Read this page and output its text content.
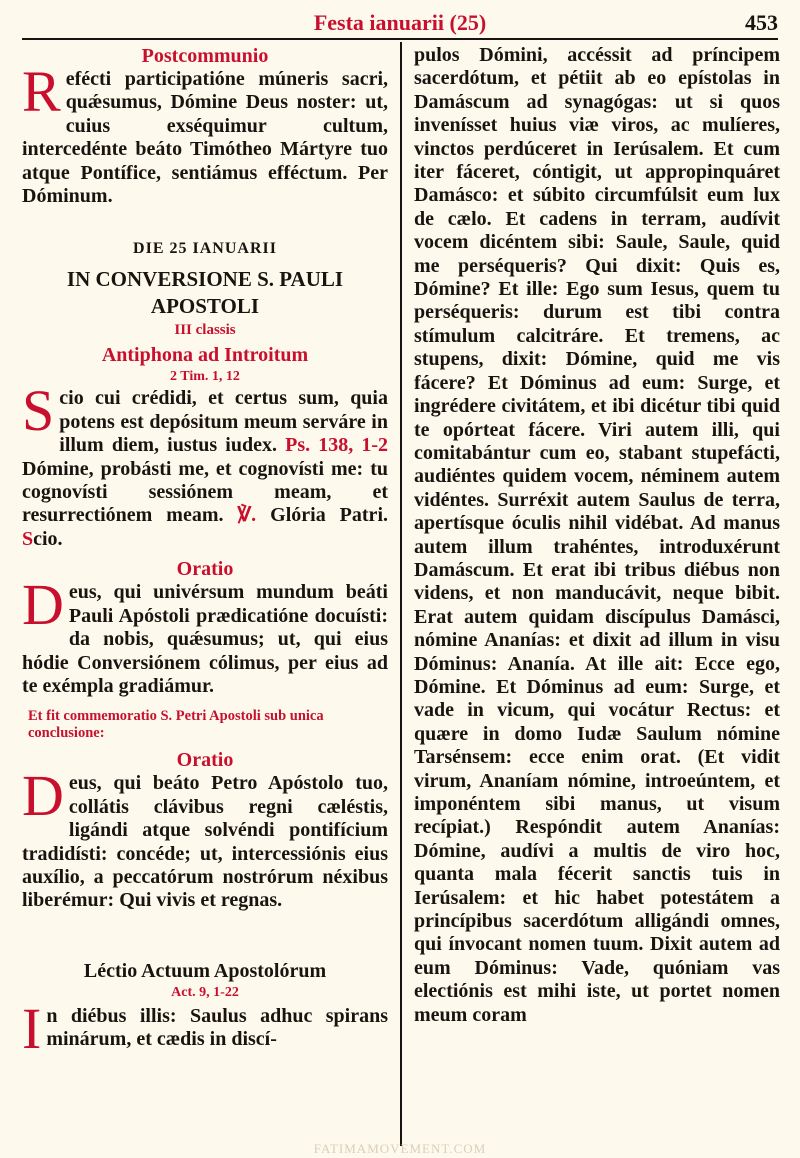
Festa ianuarii (25)	453
Postcommunio

Refécti participatióne múneris sacri, quǽsumus, Dómine Deus noster: ut, cuius exséquimur cultum, intercedénte beáto Timótheo Mártyre tuo atque Pontífice, sentiámus efféctum. Per Dóminum.

DIE 25 IANUARII

IN CONVERSIONE S. PAULI

APOSTOLI

III classis

Antiphona ad Introitum

2 Tim. 1, 12

Scio cui crédidi, et certus sum, quia potens est depósitum meum serváre in illum diem, iustus iudex. Ps. 138, 1-2 Dómine, probásti me, et cognovísti me: tu cognovísti sessiónem meam, et resurrectiónem meam. ℣. Glória Patri. Scio.

Oratio

Deus, qui univérsum mundum beáti Pauli Apóstoli prædicatióne docuísti: da nobis, quǽsumus; ut, qui eius hódie Conversiónem cólimus, per eius ad te exémpla gradiámur.

Et fit commemoratio S. Petri Apostoli sub unica conclusione:

Oratio

Deus, qui beáto Petro Apóstolo tuo, collátis clávibus regni cæléstis, ligándi atque solvéndi pontifícium tradidísti: concéde; ut, intercessiónis eius auxílio, a peccatórum nostrórum néxibus liberémur: Qui vivis et regnas.

Léctio Actuum Apostolórum

Act. 9, 1-22

In diébus illis: Saulus adhuc spirans minárum, et cædis in discí-

pulos Dómini, accéssit ad príncipem sacerdótum, et pétiit ab eo epístolas in Damáscum ad synagógas: ut si quos invenísset huius viæ viros, ac mulíeres, vinctos perdúceret in Ierúsalem. Et cum iter fáceret, cóntigit, ut appropinquáret Damásco: et súbito circumfúlsit eum lux de cælo. Et cadens in terram, audívit vocem dicéntem sibi: Saule, Saule, quid me perséqueris? Qui dixit: Quis es, Dómine? Et ille: Ego sum Iesus, quem tu perséqueris: durum est tibi contra stímulum calcitráre. Et tremens, ac stupens, dixit: Dómine, quid me vis fácere? Et Dóminus ad eum: Surge, et ingrédere civitátem, et ibi dicétur tibi quid te opórteat fácere. Viri autem illi, qui comitabántur cum eo, stabant stupefácti, audiéntes quidem vocem, néminem autem vidéntes. Surréxit autem Saulus de terra, apertísque óculis nihil vidébat. Ad manus autem illum trahéntes, introduxérunt Damáscum. Et erat ibi tribus diébus non videns, et non manducávit, neque bibit. Erat autem quidam discípulus Damásci, nómine Ananías: et dixit ad illum in visu Dóminus: Ananía. At ille ait: Ecce ego, Dómine. Et Dóminus ad eum: Surge, et vade in vicum, qui vocátur Rectus: et quære in domo Iudæ Saulum nómine Tarsénsem: ecce enim orat. (Et vidit virum, Ananíam nómine, introeúntem, et imponéntem sibi manus, ut visum recípiat.) Respóndit autem Ananías: Dómine, audívi a multis de viro hoc, quanta mala fécerit sanctis tuis in Ierúsalem: et hic habet potestátem a princípibus sacerdótum alligándi omnes, qui ínvocant nomen tuum. Dixit autem ad eum Dóminus: Vade, quóniam vas electiónis est mihi iste, ut portet nomen meum coram

FATIMAMOVEMENT.COM
